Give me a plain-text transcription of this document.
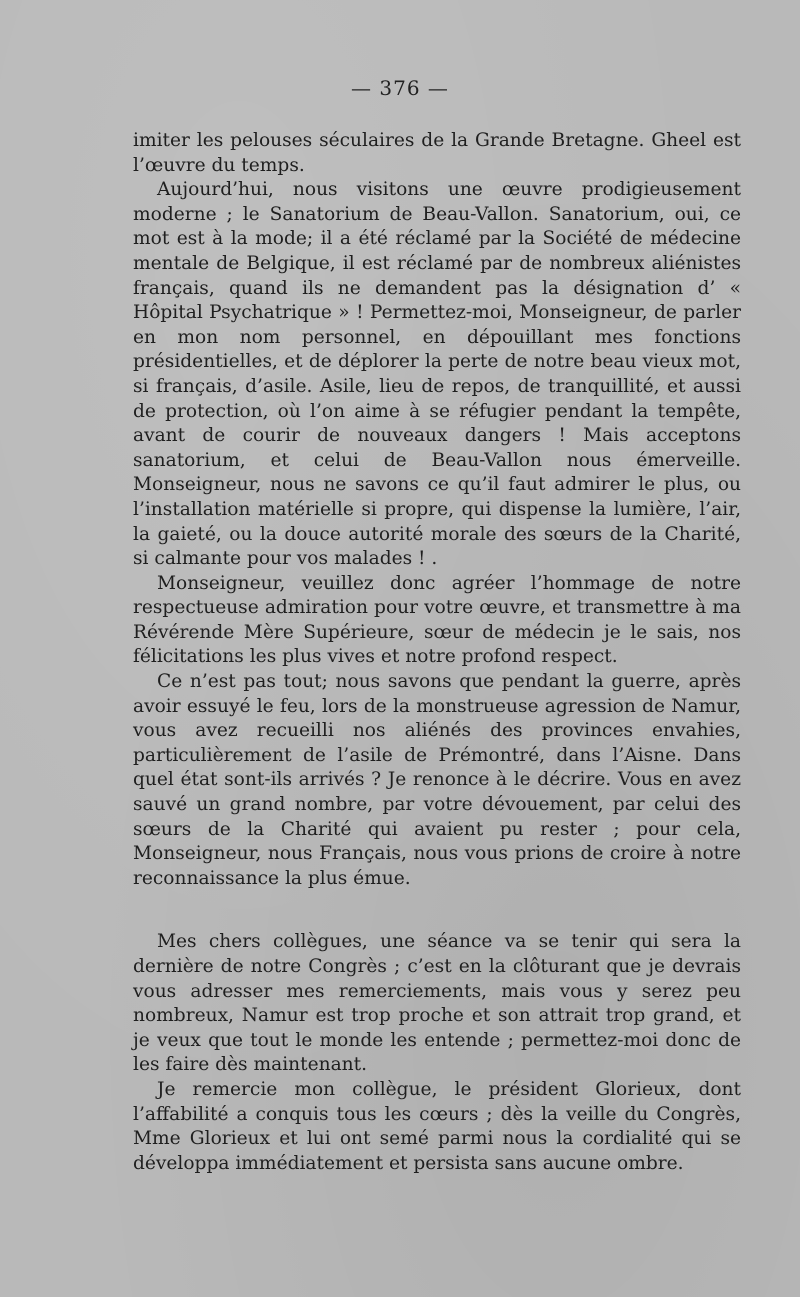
— 376 —

imiter les pelouses séculaires de la Grande Bretagne. Gheel est l’œuvre du temps.

Aujourd’hui, nous visitons une œuvre prodigieusement moderne ; le Sanatorium de Beau-Vallon. Sanatorium, oui, ce mot est à la mode; il a été réclamé par la Société de médecine mentale de Belgique, il est réclamé par de nombreux aliénistes français, quand ils ne demandent pas la désignation d’ « Hôpital Psychatrique » ! Permettez-moi, Monseigneur, de parler en mon nom personnel, en dépouillant mes fonctions présidentielles, et de déplorer la perte de notre beau vieux mot, si français, d’asile. Asile, lieu de repos, de tranquillité, et aussi de protection, où l’on aime à se réfugier pendant la tempête, avant de courir de nouveaux dangers ! Mais acceptons sanatorium, et celui de Beau-Vallon nous émerveille. Monseigneur, nous ne savons ce qu’il faut admirer le plus, ou l’installation matérielle si propre, qui dispense la lumière, l’air, la gaieté, ou la douce autorité morale des sœurs de la Charité, si calmante pour vos malades ! .

Monseigneur, veuillez donc agréer l’hommage de notre respectueuse admiration pour votre œuvre, et transmettre à ma Révérende Mère Supérieure, sœur de médecin je le sais, nos félicitations les plus vives et notre profond respect.

Ce n’est pas tout; nous savons que pendant la guerre, après avoir essuyé le feu, lors de la monstrueuse agression de Namur, vous avez recueilli nos aliénés des provinces envahies, particulièrement de l’asile de Prémontré, dans l’Aisne. Dans quel état sont-ils arrivés ? Je renonce à le décrire. Vous en avez sauvé un grand nombre, par votre dévouement, par celui des sœurs de la Charité qui avaient pu rester ; pour cela, Monseigneur, nous Français, nous vous prions de croire à notre reconnaissance la plus émue.

Mes chers collègues, une séance va se tenir qui sera la dernière de notre Congrès ; c’est en la clôturant que je devrais vous adresser mes remerciements, mais vous y serez peu nombreux, Namur est trop proche et son attrait trop grand, et je veux que tout le monde les entende ; permettez-moi donc de les faire dès maintenant.

Je remercie mon collègue, le président Glorieux, dont l’affabilité a conquis tous les cœurs ; dès la veille du Congrès, Mme Glorieux et lui ont semé parmi nous la cordialité qui se développa immédiatement et persista sans aucune ombre.
